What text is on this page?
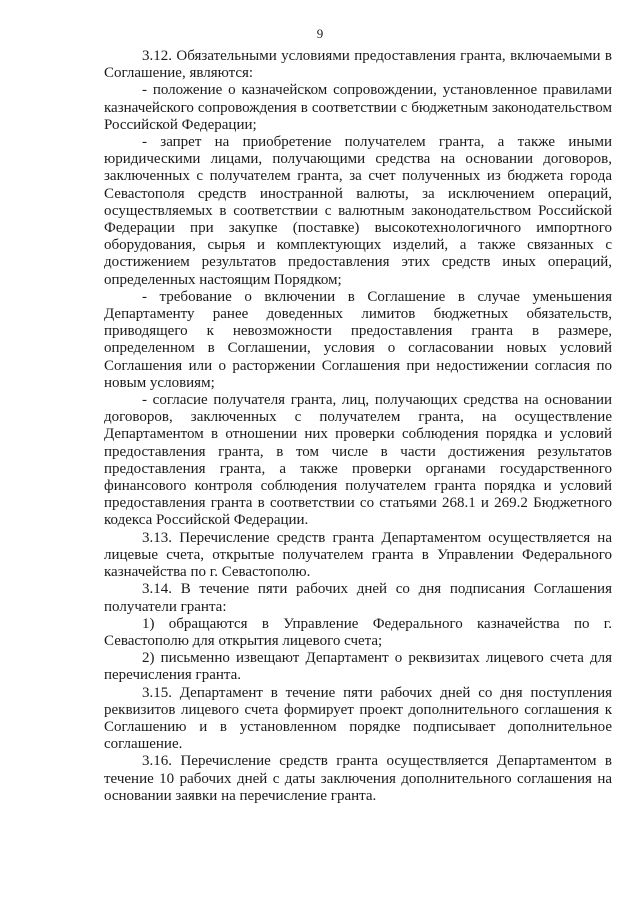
9

3.12. Обязательными условиями предоставления гранта, включаемыми в Соглашение, являются:

- положение о казначейском сопровождении, установленное правилами казначейского сопровождения в соответствии с бюджетным законодательством Российской Федерации;

- запрет на приобретение получателем гранта, а также иными юридическими лицами, получающими средства на основании договоров, заключенных с получателем гранта, за счет полученных из бюджета города Севастополя средств иностранной валюты, за исключением операций, осуществляемых в соответствии с валютным законодательством Российской Федерации при закупке (поставке) высокотехнологичного импортного оборудования, сырья и комплектующих изделий, а также связанных с достижением результатов предоставления этих средств иных операций, определенных настоящим Порядком;

- требование о включении в Соглашение в случае уменьшения Департаменту ранее доведенных лимитов бюджетных обязательств, приводящего к невозможности предоставления гранта в размере, определенном в Соглашении, условия о согласовании новых условий Соглашения или о расторжении Соглашения при недостижении согласия по новым условиям;

- согласие получателя гранта, лиц, получающих средства на основании договоров, заключенных с получателем гранта, на осуществление Департаментом в отношении них проверки соблюдения порядка и условий предоставления гранта, в том числе в части достижения результатов предоставления гранта, а также проверки органами государственного финансового контроля соблюдения получателем гранта порядка и условий предоставления гранта в соответствии со статьями 268.1 и 269.2 Бюджетного кодекса Российской Федерации.

3.13. Перечисление средств гранта Департаментом осуществляется на лицевые счета, открытые получателем гранта в Управлении Федерального казначейства по г. Севастополю.

3.14. В течение пяти рабочих дней со дня подписания Соглашения получатели гранта:

1) обращаются в Управление Федерального казначейства по г. Севастополю для открытия лицевого счета;

2) письменно извещают Департамент о реквизитах лицевого счета для перечисления гранта.

3.15. Департамент в течение пяти рабочих дней со дня поступления реквизитов лицевого счета формирует проект дополнительного соглашения к Соглашению и в установленном порядке подписывает дополнительное соглашение.

3.16. Перечисление средств гранта осуществляется Департаментом в течение 10 рабочих дней с даты заключения дополнительного соглашения на основании заявки на перечисление гранта.
